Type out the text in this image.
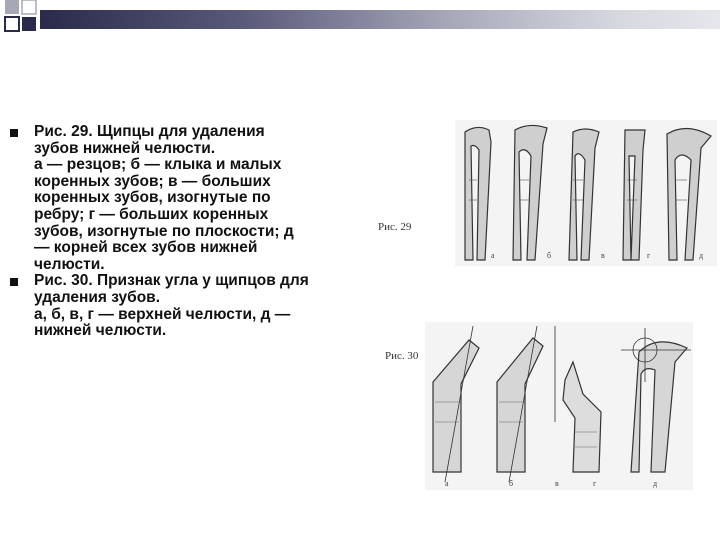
Рис. 29. Щипцы для удаления зубов нижней челюсти.

а — резцов; б — клыка и малых коренных зубов; в — больших коренных зубов, изогнутые по ребру; г — больших коренных зубов, изогнутые по плоскости; д — корней всех зубов нижней челюсти.

Рис. 30. Признак угла у щипцов для удаления зубов.

а, б, в, г — верхней челюсти, д — нижней челюсти.

Рис. 29
а	б	в	г	д
Рис. 30
а	б	в	г	д
